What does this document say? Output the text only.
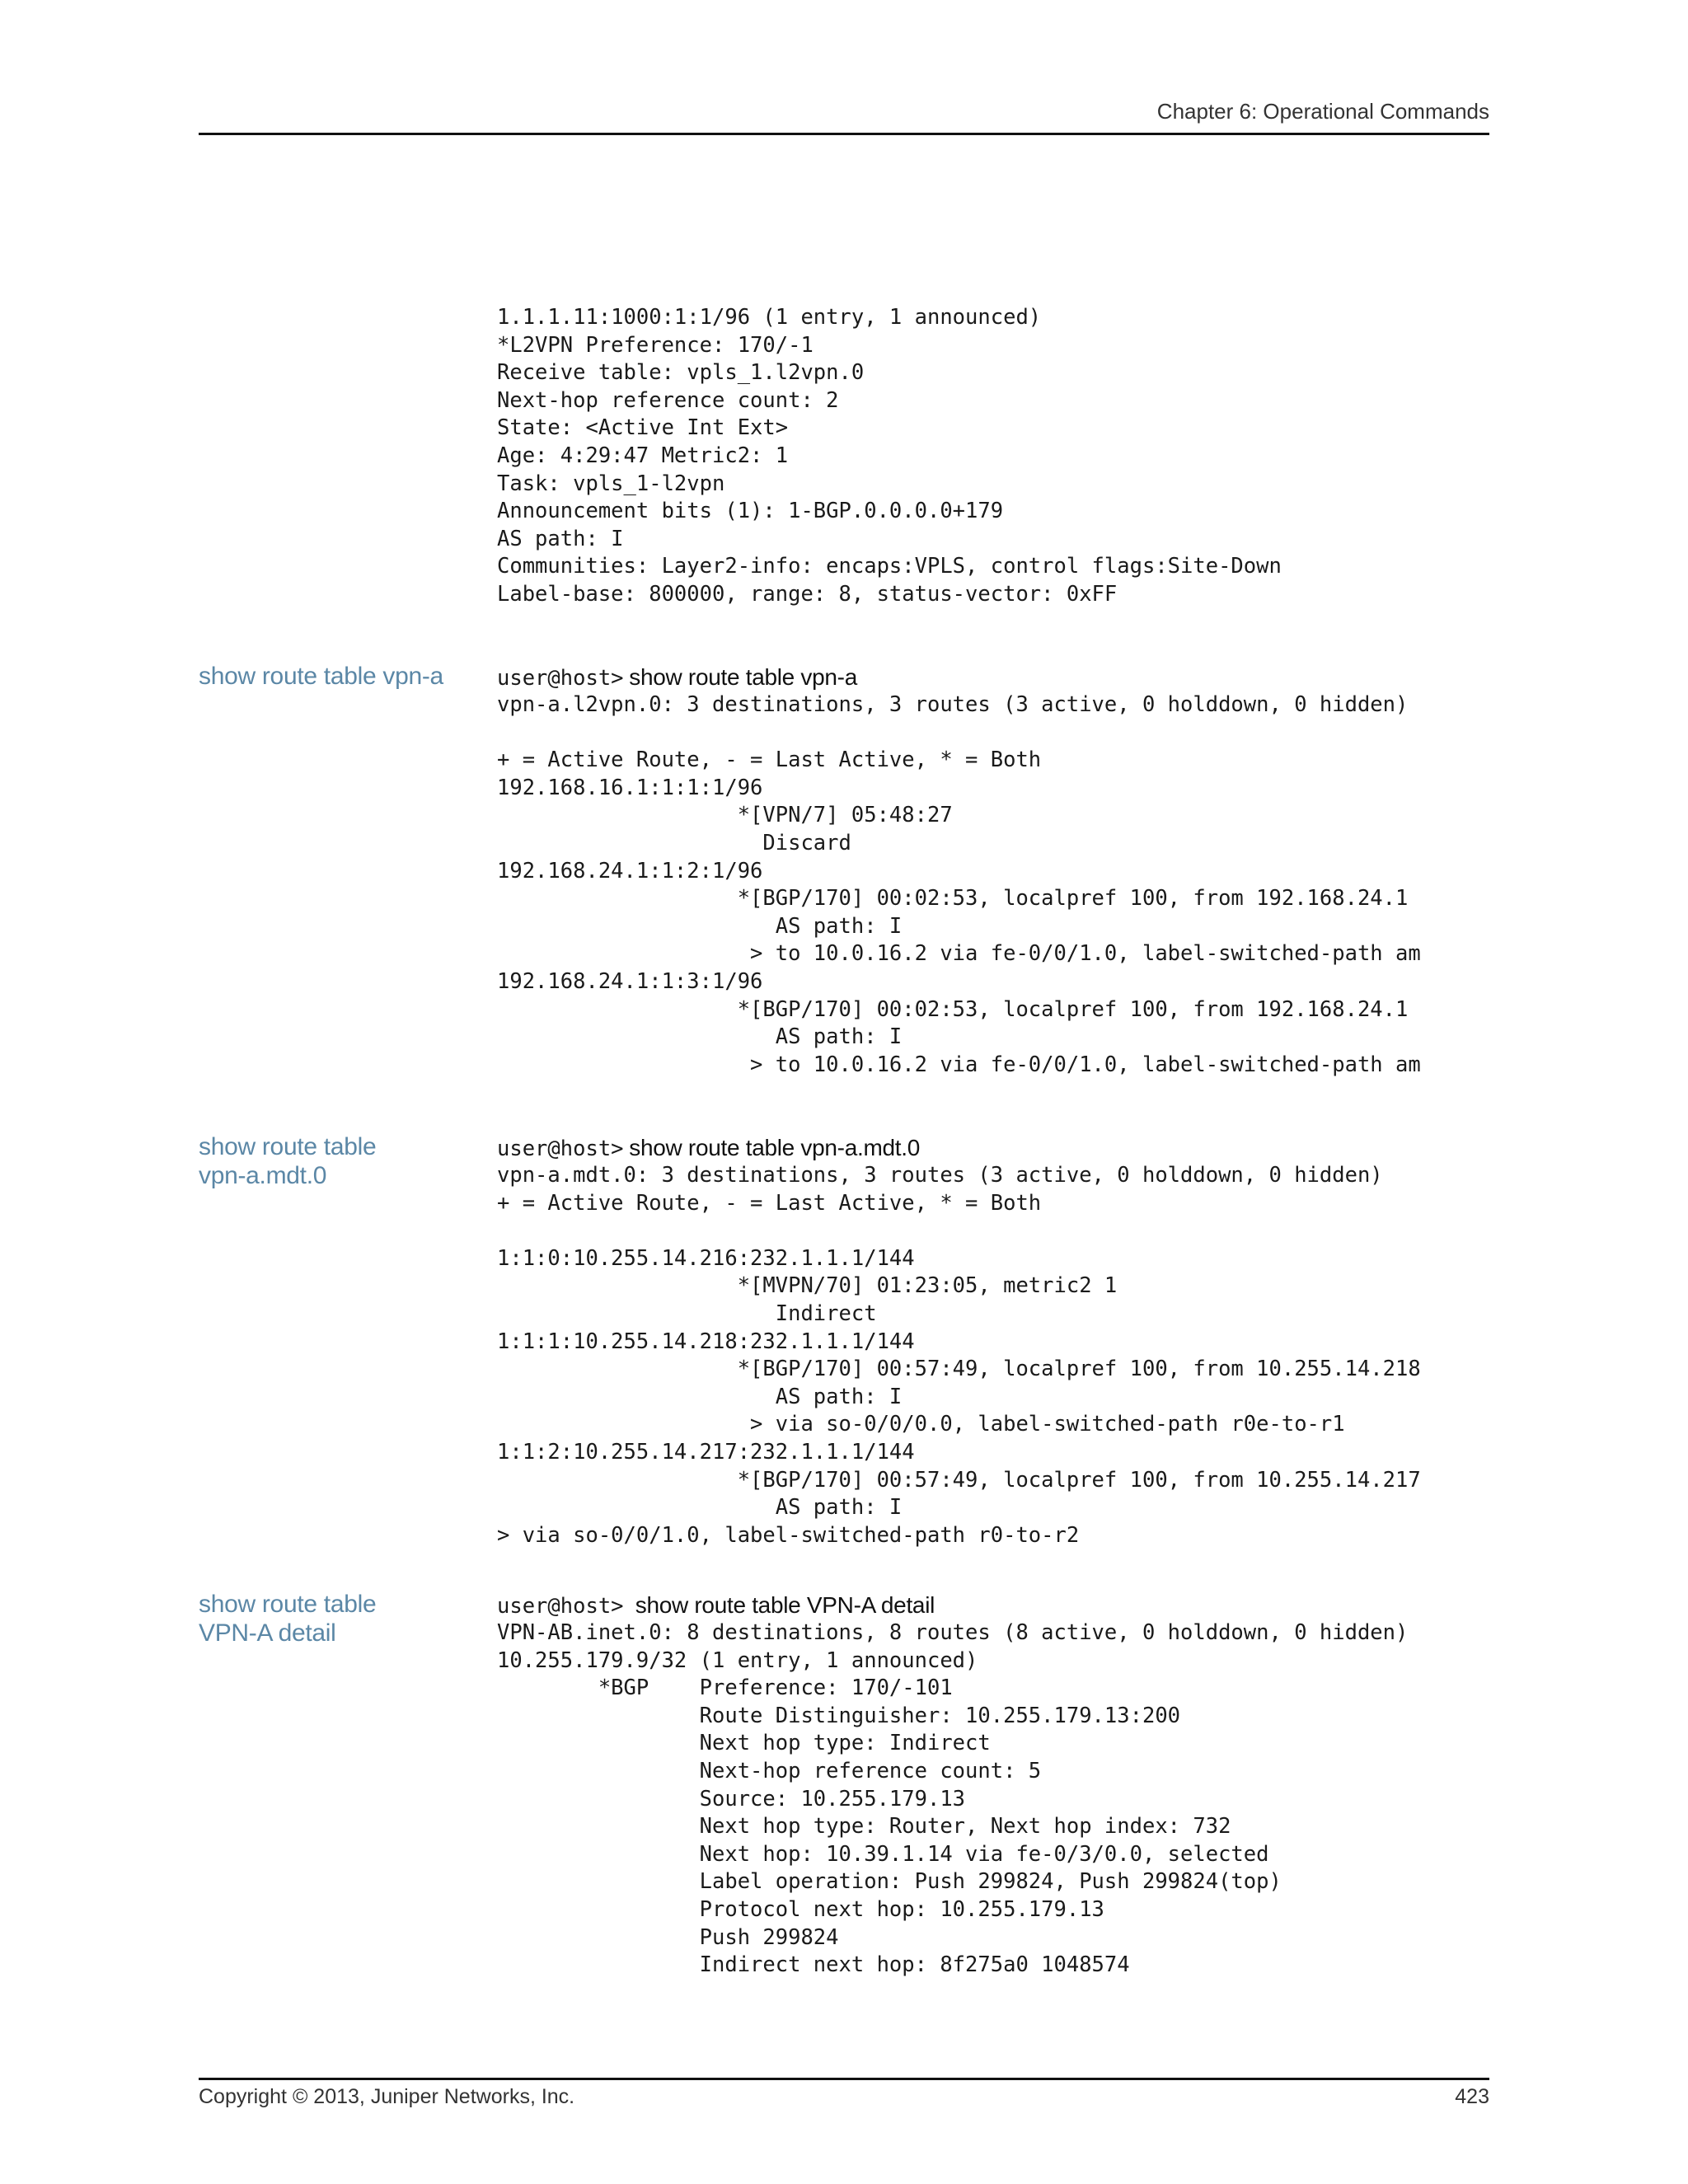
Chapter 6: Operational Commands
1.1.1.11:1000:1:1/96 (1 entry, 1 announced)
*L2VPN Preference: 170/-1
Receive table: vpls_1.l2vpn.0
Next-hop reference count: 2
State: <Active Int Ext>
Age: 4:29:47 Metric2: 1
Task: vpls_1-l2vpn
Announcement bits (1): 1-BGP.0.0.0.0+179
AS path: I
Communities: Layer2-info: encaps:VPLS, control flags:Site-Down
Label-base: 800000, range: 8, status-vector: 0xFF
show route table vpn-a	user@host> show route table vpn-a
vpn-a.l2vpn.0: 3 destinations, 3 routes (3 active, 0 holddown, 0 hidden)

+ = Active Route, - = Last Active, * = Both
192.168.16.1:1:1:1/96
*[VPN/7] 05:48:27
Discard
192.168.24.1:1:2:1/96
*[BGP/170] 00:02:53, localpref 100, from 192.168.24.1
AS path: I
> to 10.0.16.2 via fe-0/0/1.0, label-switched-path am
192.168.24.1:1:3:1/96
*[BGP/170] 00:02:53, localpref 100, from 192.168.24.1
AS path: I
> to 10.0.16.2 via fe-0/0/1.0, label-switched-path am
show route table
vpn-a.mdt.0
user@host> show route table vpn-a.mdt.0
vpn-a.mdt.0: 3 destinations, 3 routes (3 active, 0 holddown, 0 hidden)
+ = Active Route, - = Last Active, * = Both

1:1:0:10.255.14.216:232.1.1.1/144
*[MVPN/70] 01:23:05, metric2 1
Indirect
1:1:1:10.255.14.218:232.1.1.1/144
*[BGP/170] 00:57:49, localpref 100, from 10.255.14.218
AS path: I
> via so-0/0/0.0, label-switched-path r0e-to-r1
1:1:2:10.255.14.217:232.1.1.1/144
*[BGP/170] 00:57:49, localpref 100, from 10.255.14.217
AS path: I
> via so-0/0/1.0, label-switched-path r0-to-r2
show route table
VPN-A detail
user@host>  show route table VPN-A detail
VPN-AB.inet.0: 8 destinations, 8 routes (8 active, 0 holddown, 0 hidden)
10.255.179.9/32 (1 entry, 1 announced)
*BGP    Preference: 170/-101
Route Distinguisher: 10.255.179.13:200
Next hop type: Indirect
Next-hop reference count: 5
Source: 10.255.179.13
Next hop type: Router, Next hop index: 732
Next hop: 10.39.1.14 via fe-0/3/0.0, selected
Label operation: Push 299824, Push 299824(top)
Protocol next hop: 10.255.179.13
Push 299824
Indirect next hop: 8f275a0 1048574
Copyright © 2013, Juniper Networks, Inc.	423
